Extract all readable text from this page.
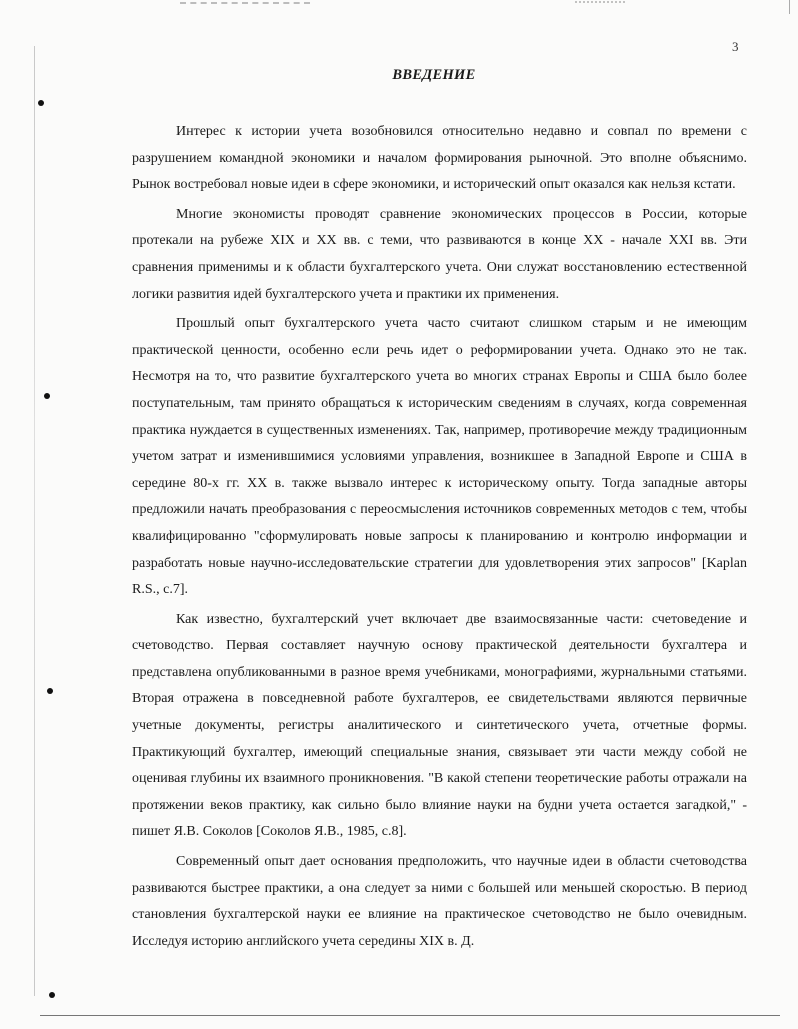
3
ВВЕДЕНИЕ

Интерес к истории учета возобновился относительно недавно и совпал по времени с разрушением командной экономики и началом формирования рыночной. Это вполне объяснимо. Рынок востребовал новые идеи в сфере экономики, и исторический опыт оказался как нельзя кстати.

Многие экономисты проводят сравнение экономических процессов в России, которые протекали на рубеже XIX и XX вв. с теми, что развиваются в конце XX - начале XXI вв. Эти сравнения применимы и к области бухгалтерского учета. Они служат восстановлению естественной логики развития идей бухгалтерского учета и практики их применения.

Прошлый опыт бухгалтерского учета часто считают слишком старым и не имеющим практической ценности, особенно если речь идет о реформировании учета. Однако это не так. Несмотря на то, что развитие бухгалтерского учета во многих странах Европы и США было более поступательным, там принято обращаться к историческим сведениям в случаях, когда современная практика нуждается в существенных изменениях. Так, например, противоречие между традиционным учетом затрат и изменившимися условиями управления, возникшее в Западной Европе и США в середине 80-х гг. XX в. также вызвало интерес к историческому опыту. Тогда западные авторы предложили начать преобразования с переосмысления источников современных методов с тем, чтобы квалифицированно "сформулировать новые запросы к планированию и контролю информации и разработать новые научно-исследовательские стратегии для удовлетворения этих запросов" [Kaplan R.S., c.7].

Как известно, бухгалтерский учет включает две взаимосвязанные части: счетоведение и счетоводство. Первая составляет научную основу практической деятельности бухгалтера и представлена опубликованными в разное время учебниками, монографиями, журнальными статьями. Вторая отражена в повседневной работе бухгалтеров, ее свидетельствами являются первичные учетные документы, регистры аналитического и синтетического учета, отчетные формы. Практикующий бухгалтер, имеющий специальные знания, связывает эти части между собой не оценивая глубины их взаимного проникновения. "В какой степени теоретические работы отражали на протяжении веков практику, как сильно было влияние науки на будни учета остается загадкой," - пишет Я.В. Соколов [Соколов Я.В., 1985, с.8].

Современный опыт дает основания предположить, что научные идеи в области счетоводства развиваются быстрее практики, а она следует за ними с большей или меньшей скоростью. В период становления бухгалтерской науки ее влияние на практическое счетоводство не было очевидным. Исследуя историю английского учета середины XIX в. Д.
